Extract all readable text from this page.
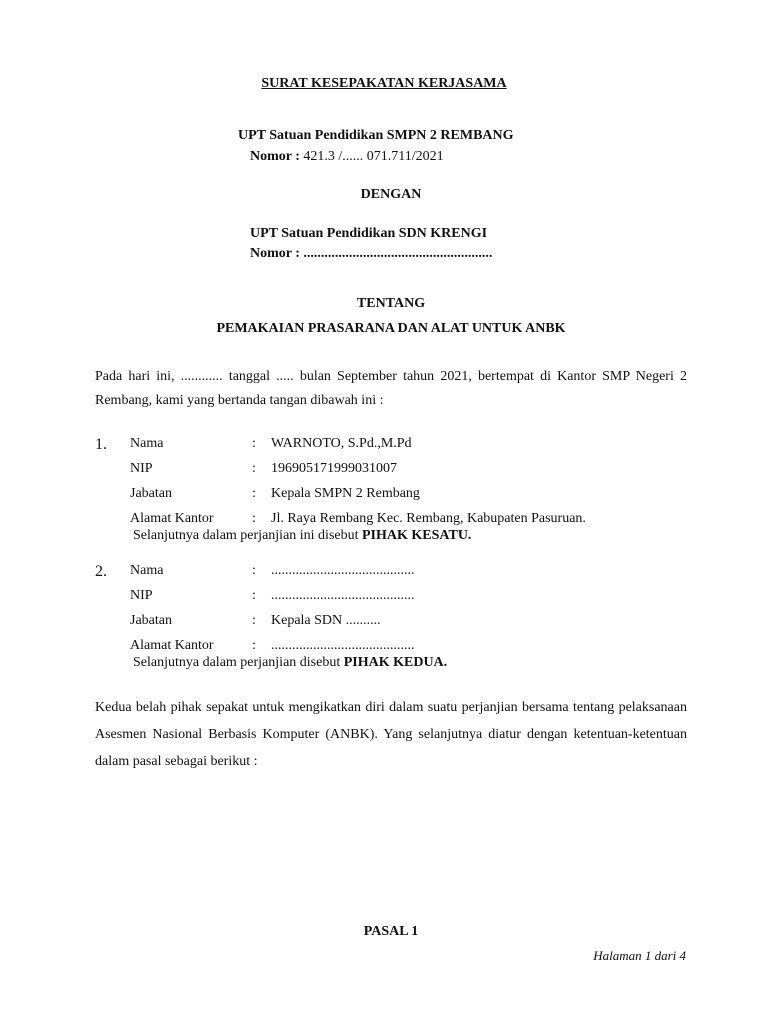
SURAT KESEPAKATAN KERJASAMA
UPT Satuan Pendidikan SMPN 2 REMBANG
Nomor : 421.3 /...... 071.711/2021
DENGAN
UPT Satuan Pendidikan SDN KRENGI
Nomor : ......................................................
TENTANG
PEMAKAIAN PRASARANA DAN ALAT UNTUK ANBK
Pada hari ini, ............ tanggal ..... bulan September tahun 2021, bertempat di Kantor SMP Negeri 2 Rembang, kami yang bertanda tangan dibawah ini :
1. Nama	: WARNOTO, S.Pd.,M.Pd
NIP	: 196905171999031007
Jabatan	: Kepala SMPN 2 Rembang
Alamat Kantor	: Jl. Raya Rembang Kec. Rembang, Kabupaten Pasuruan.
Selanjutnya dalam perjanjian ini disebut PIHAK KESATU.
2. Nama	: .........................................
NIP	: .........................................
Jabatan	: Kepala SDN ..........
Alamat Kantor	: .........................................
Selanjutnya dalam perjanjian disebut PIHAK KEDUA.
Kedua belah pihak sepakat untuk mengikatkan diri dalam suatu perjanjian bersama tentang pelaksanaan Asesmen Nasional Berbasis Komputer (ANBK). Yang selanjutnya diatur dengan ketentuan-ketentuan dalam pasal sebagai berikut :
PASAL 1
Halaman 1 dari 4
